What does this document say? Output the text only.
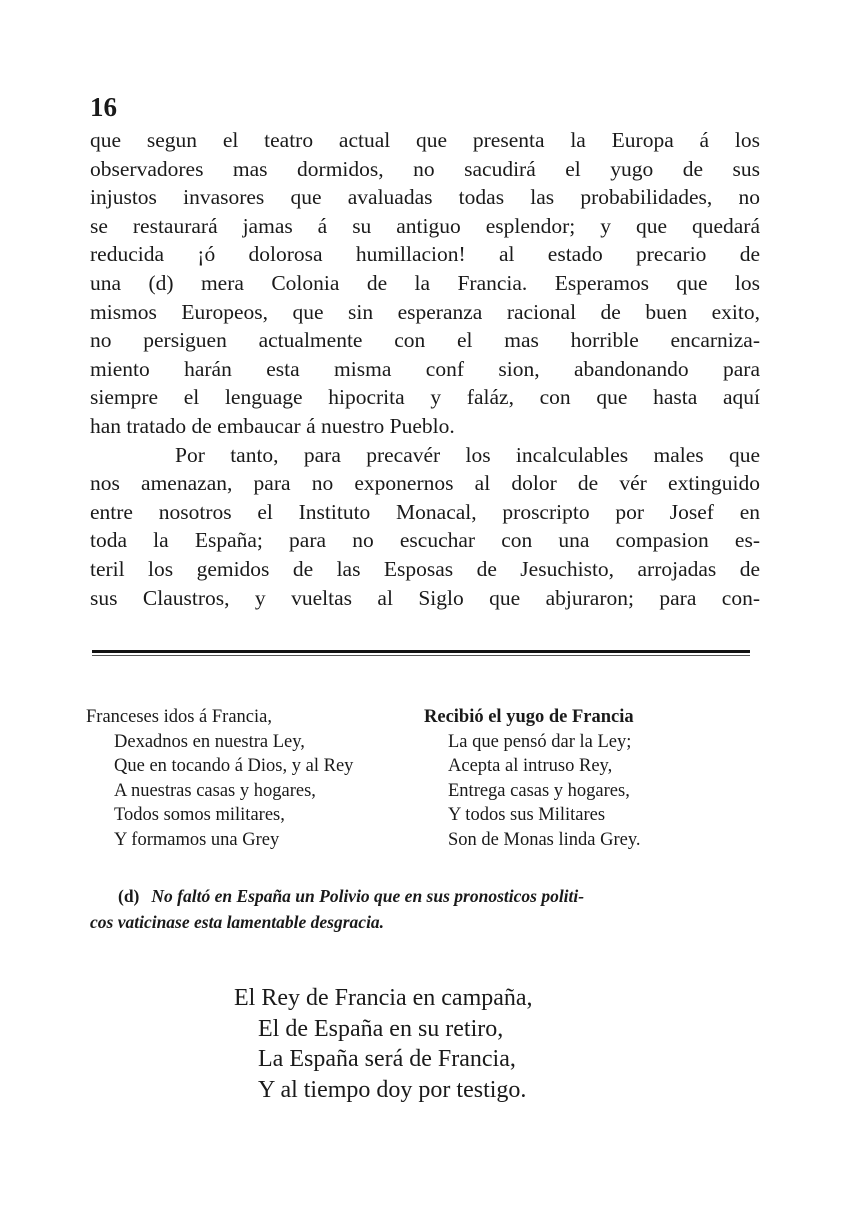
16
que segun el teatro actual que presenta la Europa á los
observadores mas dormidos, no sacudirá el yugo de sus
injustos invasores que avaluadas todas las probabilidades, no
se restaurará jamas á su antiguo esplendor; y que quedará
reducida ¡ó dolorosa humillacion! al estado precario de
una (d) mera Colonia de la Francia. Esperamos que los
mismos Europeos, que sin esperanza racional de buen exito,
no persiguen actualmente con el mas horrible encarniza-
miento harán esta misma conf sion, abandonando para
siempre el lenguage hipocrita y faláz, con que hasta aquí
han tratado de embaucar á nuestro Pueblo.
Por tanto, para precavér los incalculables males que
nos amenazan, para no exponernos al dolor de vér extinguido
entre nosotros el Instituto Monacal, proscripto por Josef en
toda la España; para no escuchar con una compasion es-
teril los gemidos de las Esposas de Jesuchisto, arrojadas de
sus Claustros, y vueltas al Siglo que abjuraron; para con-
Franceses idos á Francia,
Dexadnos en nuestra Ley,
Que en tocando á Dios, y al Rey
A nuestras casas y hogares,
Todos somos militares,
Y formamos una Grey
Recibió el yugo de Francia
La que pensó dar la Ley;
Acepta al intruso Rey,
Entrega casas y hogares,
Y todos sus Militares
Son de Monas linda Grey.
(d) No faltó en España un Polivio que en sus pronosticos politi-
cos vaticinase esta lamentable desgracia.
El Rey de Francia en campaña,
El de España en su retiro,
La España será de Francia,
Y al tiempo doy por testigo.
